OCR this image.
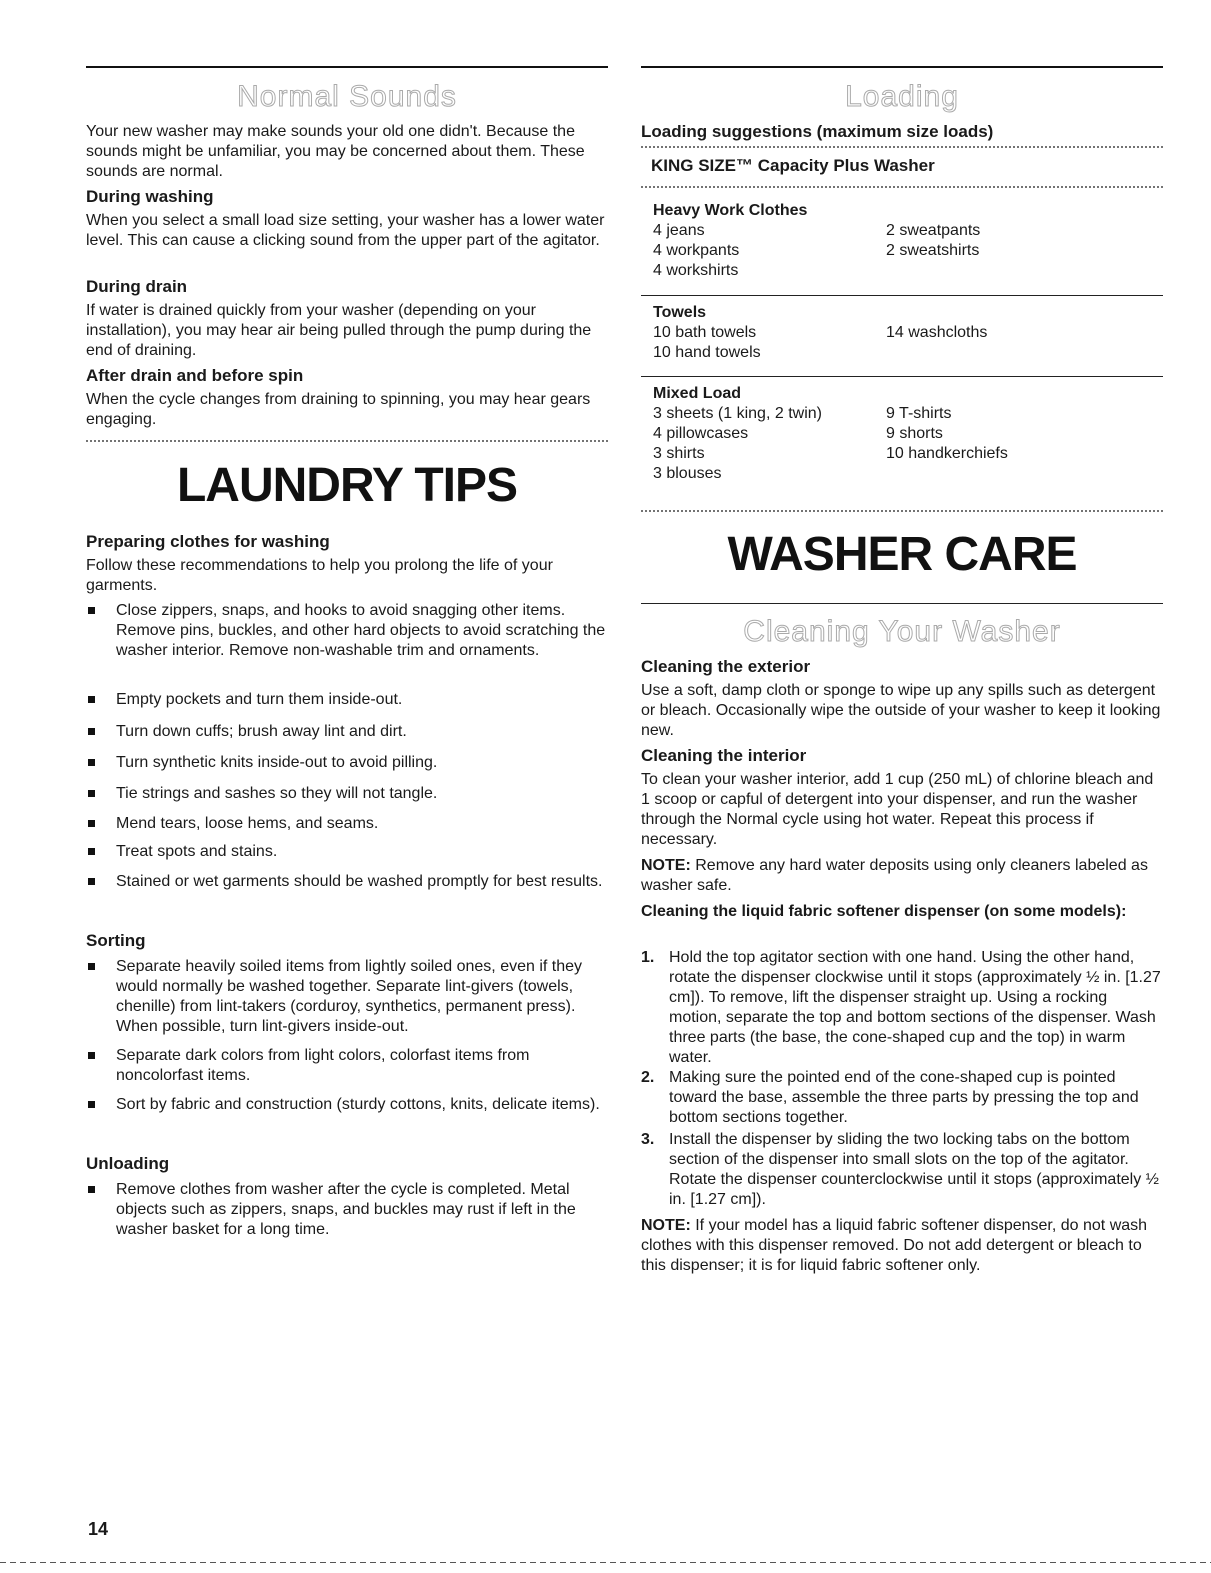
Normal Sounds

Your new washer may make sounds your old one didn't. Because the sounds might be unfamiliar, you may be concerned about them. These sounds are normal.

During washing

When you select a small load size setting, your washer has a lower water level. This can cause a clicking sound from the upper part of the agitator.

During drain

If water is drained quickly from your washer (depending on your installation), you may hear air being pulled through the pump during the end of draining.

After drain and before spin

When the cycle changes from draining to spinning, you may hear gears engaging.

LAUNDRY TIPS
Preparing clothes for washing

Follow these recommendations to help you prolong the life of your garments.

Close zippers, snaps, and hooks to avoid snagging other items. Remove pins, buckles, and other hard objects to avoid scratching the washer interior. Remove non-washable trim and ornaments.
Empty pockets and turn them inside-out.
Turn down cuffs; brush away lint and dirt.
Turn synthetic knits inside-out to avoid pilling.
Tie strings and sashes so they will not tangle.
Mend tears, loose hems, and seams.
Treat spots and stains.
Stained or wet garments should be washed promptly for best results.
Sorting
Separate heavily soiled items from lightly soiled ones, even if they would normally be washed together. Separate lint-givers (towels, chenille) from lint-takers (corduroy, synthetics, permanent press). When possible, turn lint-givers inside-out.
Separate dark colors from light colors, colorfast items from noncolorfast items.
Sort by fabric and construction (sturdy cottons, knits, delicate items).
Unloading
Remove clothes from washer after the cycle is completed. Metal objects such as zippers, snaps, and buckles may rust if left in the washer basket for a long time.
Loading
Loading suggestions (maximum size loads)
KING SIZE™ Capacity Plus Washer
Heavy Work Clothes
4 jeans
4 workpants
4 workshirts
2 sweatpants
2 sweatshirts
Towels
10 bath towels
10 hand towels
14 washcloths
Mixed Load
3 sheets (1 king, 2 twin)
4 pillowcases
3 shirts
3 blouses
9 T-shirts
9 shorts
10 handkerchiefs
WASHER CARE
Cleaning Your Washer
Cleaning the exterior

Use a soft, damp cloth or sponge to wipe up any spills such as detergent or bleach. Occasionally wipe the outside of your washer to keep it looking new.

Cleaning the interior

To clean your washer interior, add 1 cup (250 mL) of chlorine bleach and 1 scoop or capful of detergent into your dispenser, and run the washer through the Normal cycle using hot water. Repeat this process if necessary.

NOTE: Remove any hard water deposits using only cleaners labeled as washer safe.

Cleaning the liquid fabric softener dispenser (on some models):

1. Hold the top agitator section with one hand. Using the other hand, rotate the dispenser clockwise until it stops (approximately ½ in. [1.27 cm]). To remove, lift the dispenser straight up. Using a rocking motion, separate the top and bottom sections of the dispenser. Wash three parts (the base, the cone-shaped cup and the top) in warm water.
2. Making sure the pointed end of the cone-shaped cup is pointed toward the base, assemble the three parts by pressing the top and bottom sections together.
3. Install the dispenser by sliding the two locking tabs on the bottom section of the dispenser into small slots on the top of the agitator. Rotate the dispenser counterclockwise until it stops (approximately ½ in. [1.27 cm]).

NOTE: If your model has a liquid fabric softener dispenser, do not wash clothes with this dispenser removed. Do not add detergent or bleach to this dispenser; it is for liquid fabric softener only.

14
